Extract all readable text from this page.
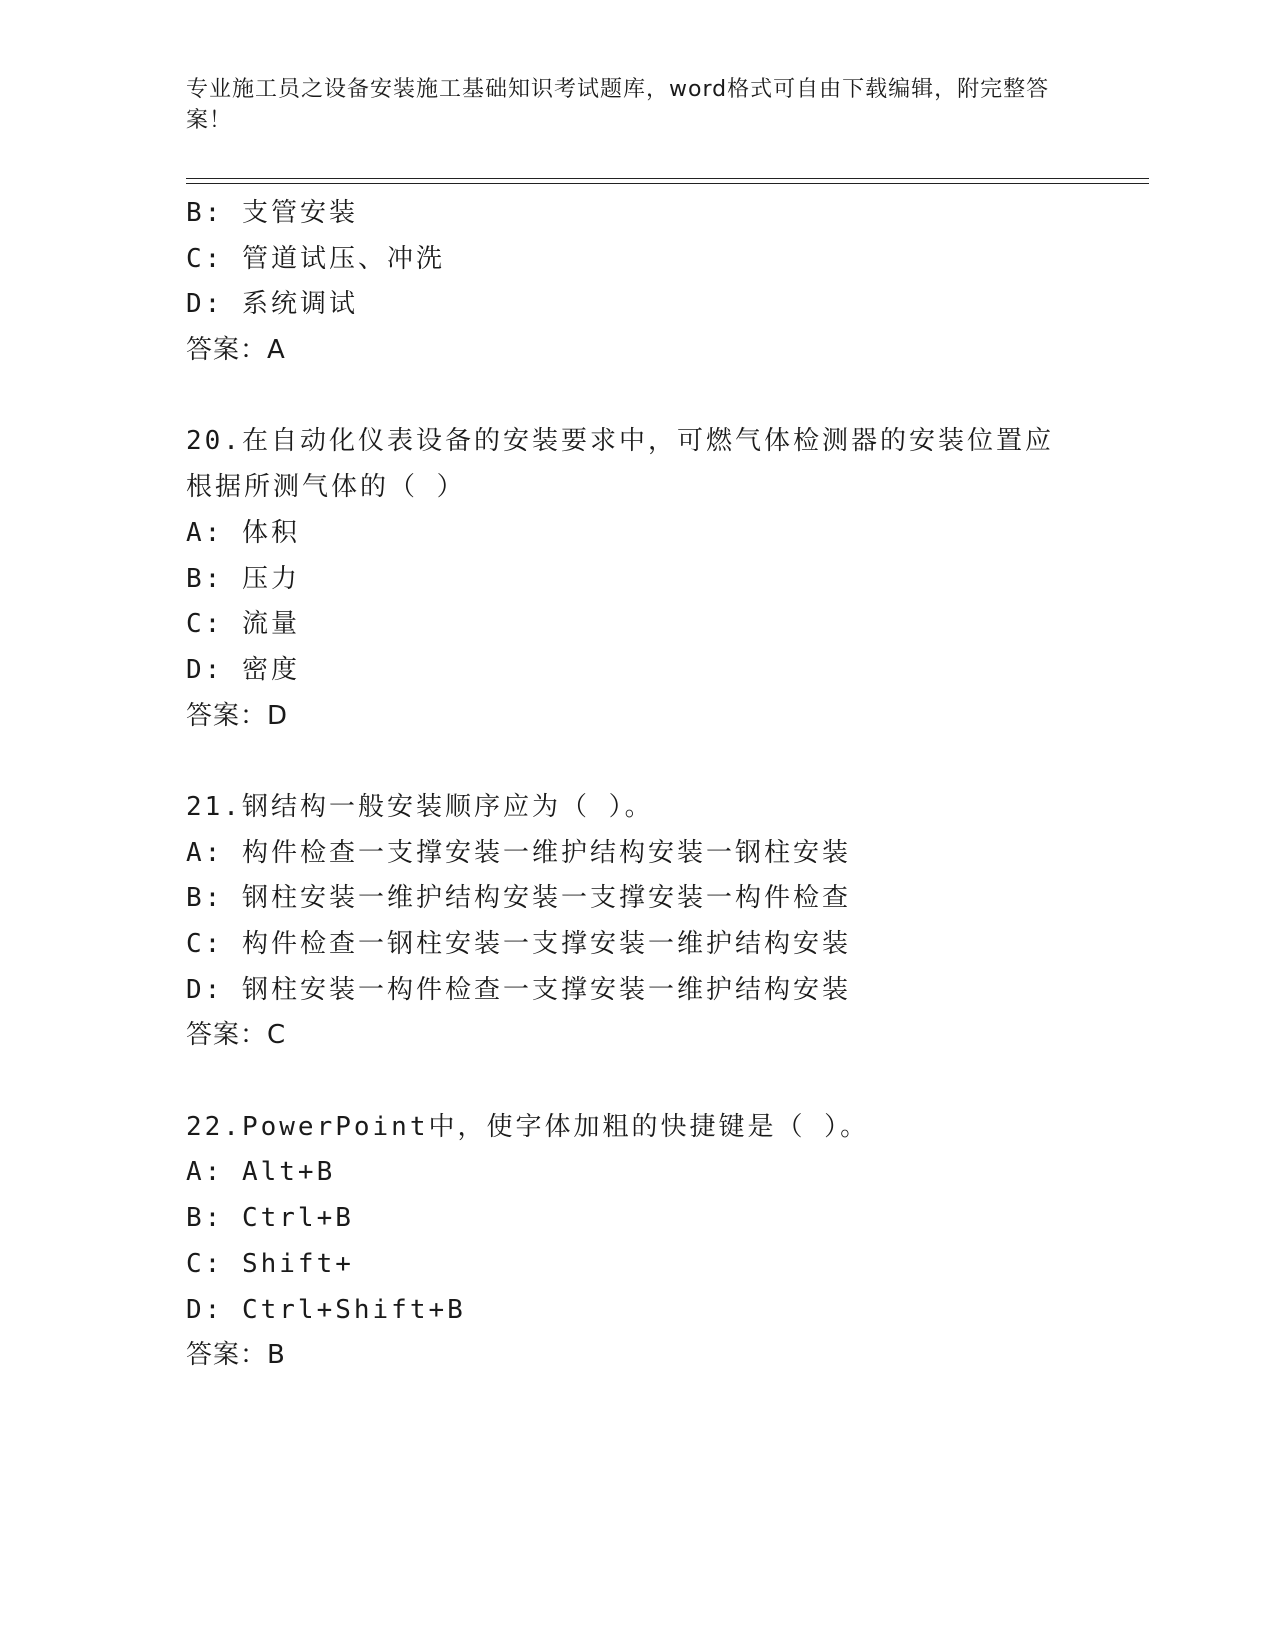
专业施工员之设备安装施工基础知识考试题库，word格式可自由下载编辑，附完整答案！
B: 支管安装
C: 管道试压、冲洗
D: 系统调试
答案：A
20.在自动化仪表设备的安装要求中，可燃气体检测器的安装位置应根据所测气体的（ ）
A: 体积
B: 压力
C: 流量
D: 密度
答案：D
21.钢结构一般安装顺序应为（ ）。
A: 构件检查一支撑安装一维护结构安装一钢柱安装
B: 钢柱安装一维护结构安装一支撑安装一构件检查
C: 构件检查一钢柱安装一支撑安装一维护结构安装
D: 钢柱安装一构件检查一支撑安装一维护结构安装
答案：C
22.PowerPoint中，使字体加粗的快捷键是（ ）。
A: Alt+B
B: Ctrl+B
C: Shift+
D: Ctrl+Shift+B
答案：B
